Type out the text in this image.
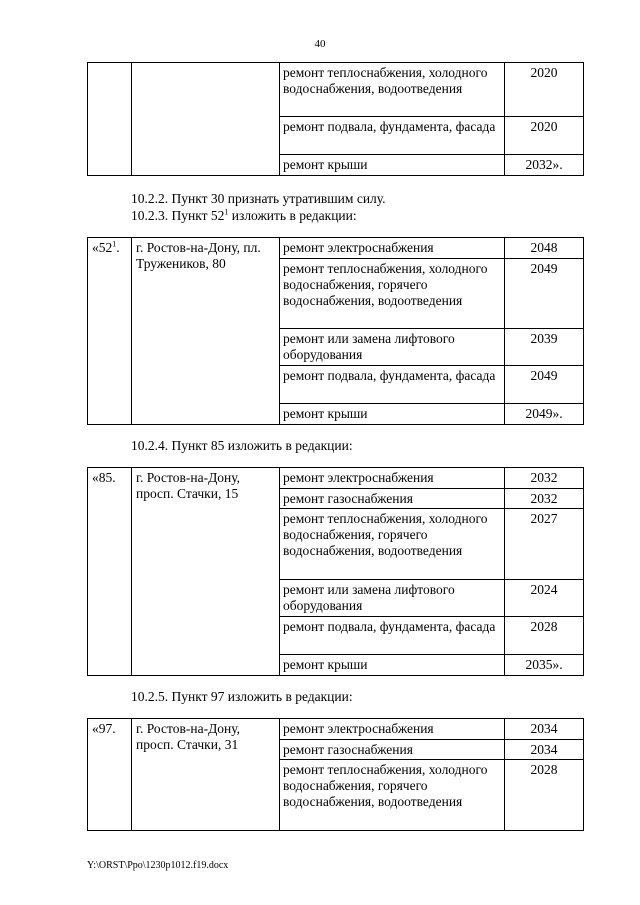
40
		ремонт теплоснабжения, холодного водоснабжения, водоотведения	2020
		ремонт подвала, фундамента, фасада	2020
		ремонт крыши	2032».
10.2.2. Пункт 30 признать утратившим силу.
10.2.3. Пункт $52^1$ изложить в редакции:
«$52^1$.	г. Ростов-на-Дону, пл. Тружеников, 80	ремонт электроснабжения	2048
		ремонт теплоснабжения, холодного водоснабжения, горячего водоснабжения, водоотведения	2049
		ремонт или замена лифтового оборудования	2039
		ремонт подвала, фундамента, фасада	2049
		ремонт крыши	2049».
10.2.4. Пункт 85 изложить в редакции:
«85.	г. Ростов-на-Дону, просп. Стачки, 15	ремонт электроснабжения	2032
		ремонт газоснабжения	2032
		ремонт теплоснабжения, холодного водоснабжения, горячего водоснабжения, водоотведения	2027
		ремонт или замена лифтового оборудования	2024
		ремонт подвала, фундамента, фасада	2028
		ремонт крыши	2035».
10.2.5. Пункт 97 изложить в редакции:
«97.	г. Ростов-на-Дону, просп. Стачки, 31	ремонт электроснабжения	2034
		ремонт газоснабжения	2034
		ремонт теплоснабжения, холодного водоснабжения, горячего водоснабжения, водоотведения	2028
Y:\ORST\Ppo\1230p1012.f19.docx
